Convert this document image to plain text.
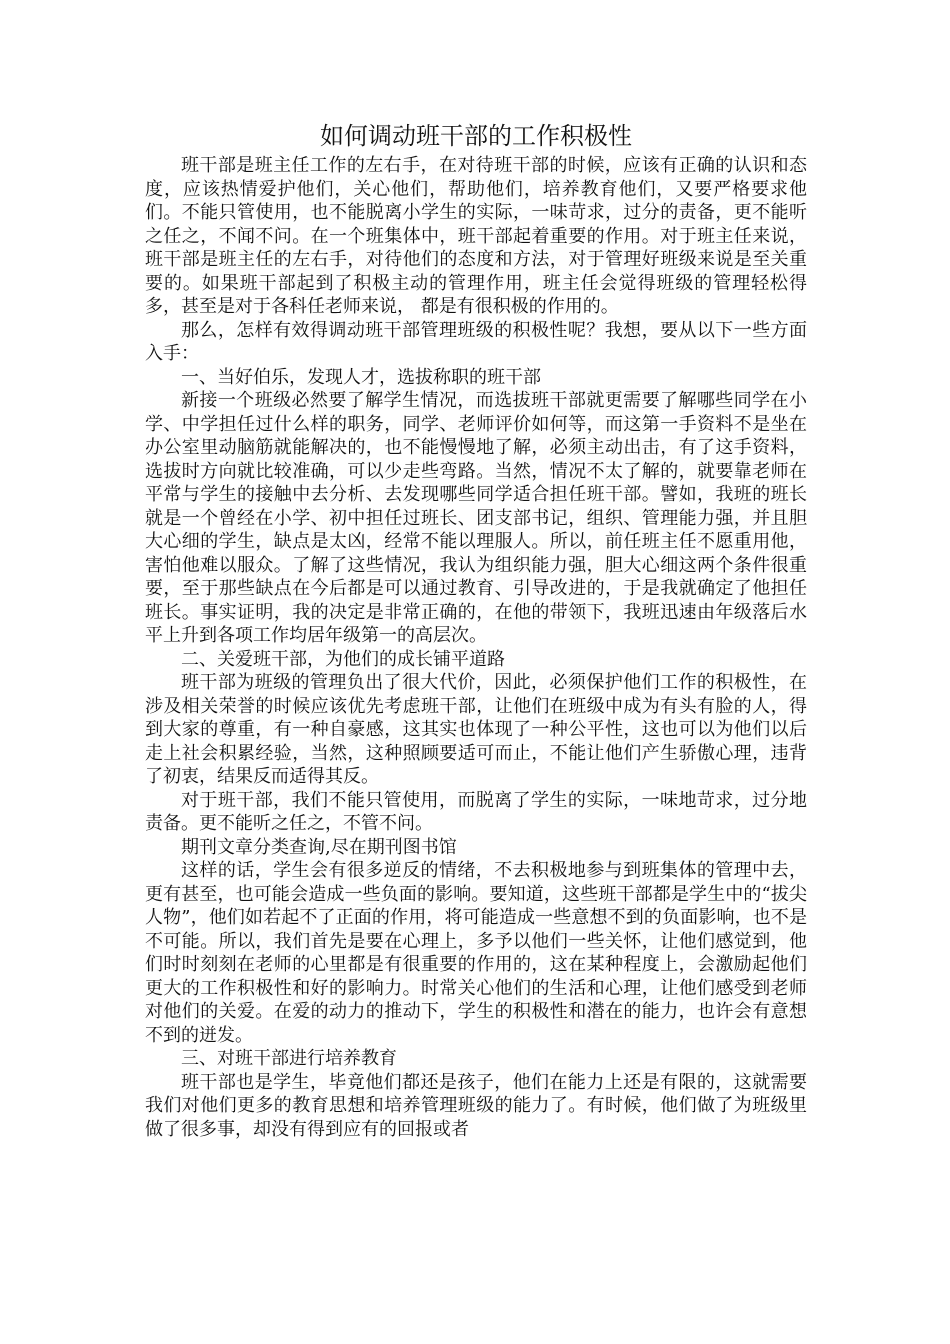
如何调动班干部的工作积极性

班干部是班主任工作的左右手，在对待班干部的时候，应该有正确的认识和态度，应该热情爱护他们，关心他们，帮助他们，培养教育他们，又要严格要求他们。不能只管使用，也不能脱离小学生的实际，一味苛求，过分的责备，更不能听之任之，不闻不问。在一个班集体中，班干部起着重要的作用。对于班主任来说，班干部是班主任的左右手，对待他们的态度和方法，对于管理好班级来说是至关重要的。如果班干部起到了积极主动的管理作用，班主任会觉得班级的管理轻松得多，甚至是对于各科任老师来说， 都是有很积极的作用的。

那么，怎样有效得调动班干部管理班级的积极性呢？我想，要从以下一些方面入手：

一、当好伯乐，发现人才，选拔称职的班干部

新接一个班级必然要了解学生情况，而选拔班干部就更需要了解哪些同学在小学、中学担任过什么样的职务，同学、老师评价如何等，而这第一手资料不是坐在办公室里动脑筋就能解决的，也不能慢慢地了解，必须主动出击，有了这手资料，选拔时方向就比较准确，可以少走些弯路。当然，情况不太了解的，就要靠老师在平常与学生的接触中去分析、去发现哪些同学适合担任班干部。譬如，我班的班长就是一个曾经在小学、初中担任过班长、团支部书记，组织、管理能力强，并且胆大心细的学生，缺点是太凶，经常不能以理服人。所以，前任班主任不愿重用他，害怕他难以服众。了解了这些情况，我认为组织能力强，胆大心细这两个条件很重要，至于那些缺点在今后都是可以通过教育、引导改进的，于是我就确定了他担任班长。事实证明，我的决定是非常正确的，在他的带领下，我班迅速由年级落后水平上升到各项工作均居年级第一的高层次。

二、关爱班干部，为他们的成长铺平道路

班干部为班级的管理负出了很大代价，因此，必须保护他们工作的积极性，在涉及相关荣誉的时候应该优先考虑班干部，让他们在班级中成为有头有脸的人，得到大家的尊重，有一种自豪感，这其实也体现了一种公平性，这也可以为他们以后走上社会积累经验，当然，这种照顾要适可而止，不能让他们产生骄傲心理，违背了初衷，结果反而适得其反。

对于班干部，我们不能只管使用，而脱离了学生的实际，一味地苛求，过分地责备。更不能听之任之，不管不问。

期刊文章分类查询,尽在期刊图书馆

这样的话，学生会有很多逆反的情绪，不去积极地参与到班集体的管理中去，更有甚至，也可能会造成一些负面的影响。要知道，这些班干部都是学生中的“拔尖人物”，他们如若起不了正面的作用，将可能造成一些意想不到的负面影响，也不是不可能。所以，我们首先是要在心理上，多予以他们一些关怀，让他们感觉到，他们时时刻刻在老师的心里都是有很重要的作用的，这在某种程度上，会激励起他们更大的工作积极性和好的影响力。时常关心他们的生活和心理，让他们感受到老师对他们的关爱。在爱的动力的推动下，学生的积极性和潜在的能力，也许会有意想不到的迸发。

三、对班干部进行培养教育

班干部也是学生，毕竟他们都还是孩子，他们在能力上还是有限的，这就需要我们对他们更多的教育思想和培养管理班级的能力了。有时候，他们做了为班级里做了很多事，却没有得到应有的回报或者
